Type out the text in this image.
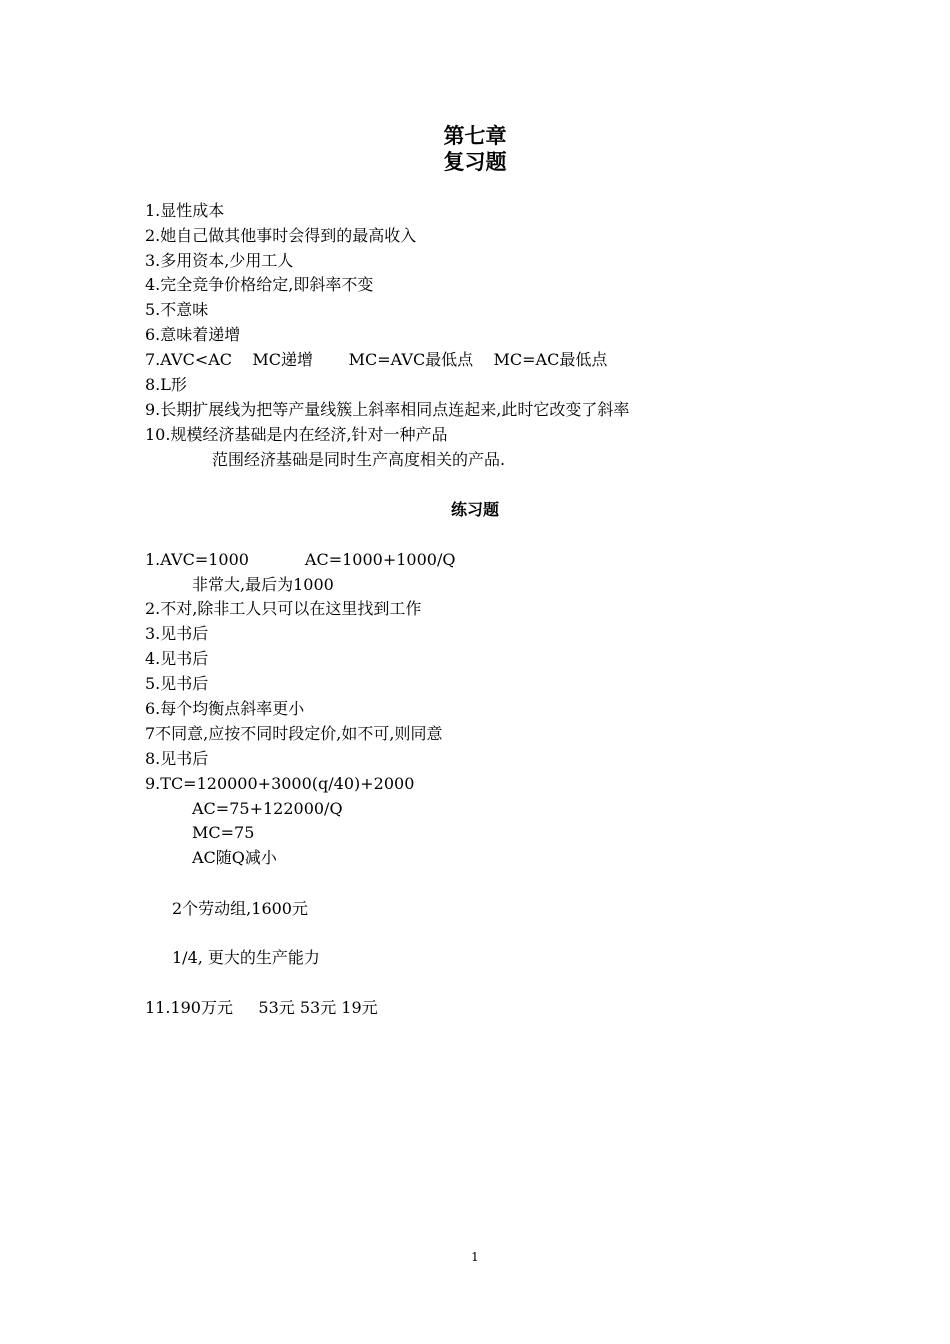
第七章
复习题
1.显性成本
2.她自己做其他事时会得到的最高收入
3.多用资本,少用工人
4.完全竞争价格给定,即斜率不变
5.不意味
6.意味着递增
7.AVC<AC    MC递增       MC=AVC最低点    MC=AC最低点
8.L形
9.长期扩展线为把等产量线簇上斜率相同点连起来,此时它改变了斜率
10.规模经济基础是内在经济,针对一种产品
范围经济基础是同时生产高度相关的产品.
练习题
1.AVC=1000           AC=1000+1000/Q
非常大,最后为1000
2.不对,除非工人只可以在这里找到工作
3.见书后
4.见书后
5.见书后
6.每个均衡点斜率更小
7不同意,应按不同时段定价,如不可,则同意
8.见书后
9.TC=120000+3000(q/40)+2000
AC=75+122000/Q
MC=75
AC随Q减小
2个劳动组,1600元
1/4, 更大的生产能力
11.190万元     53元 53元 19元
1
